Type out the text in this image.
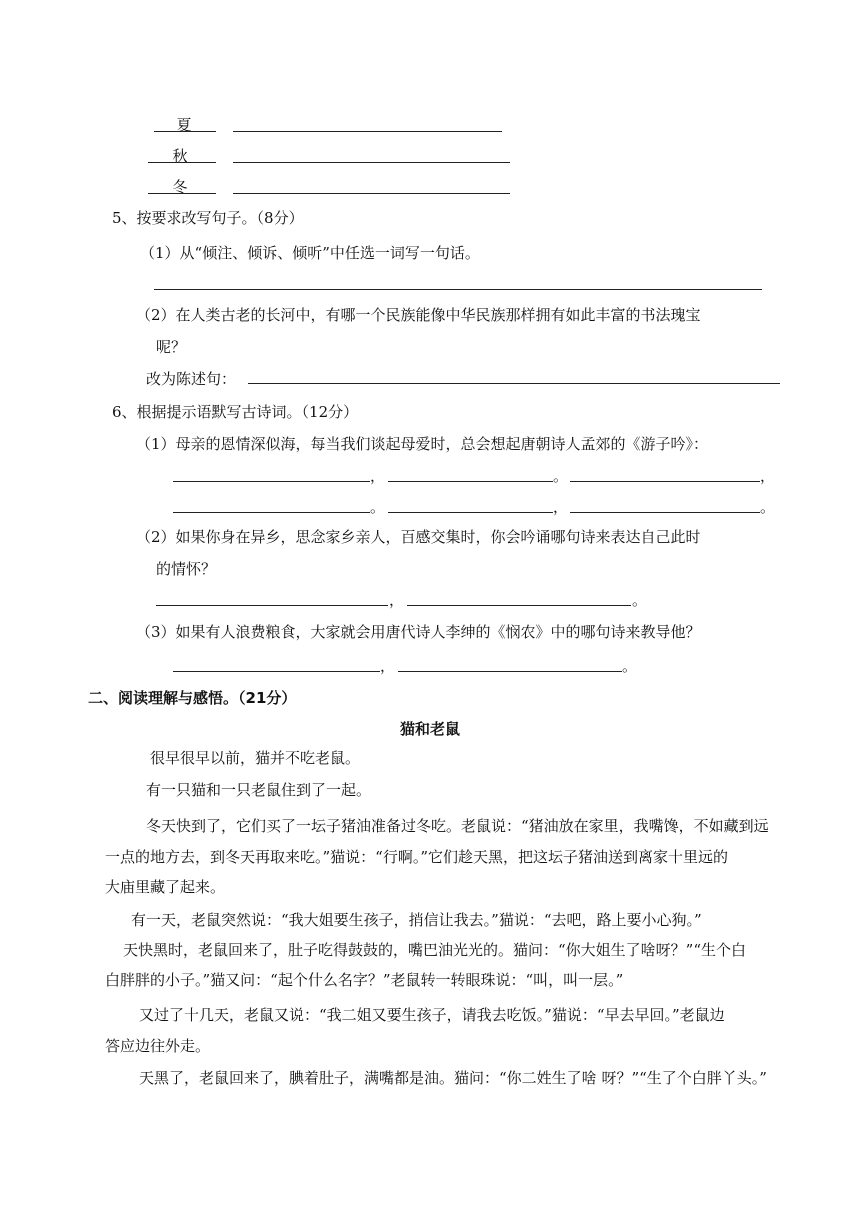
夏
秋
冬
5、按要求改写句子。（8分）
（1）从“倾注、倾诉、倾听”中任选一词写一句话。
（2）在人类古老的长河中，有哪一个民族能像中华民族那样拥有如此丰富的书法瑰宝
呢？
改为陈述句：
6、根据提示语默写古诗词。（12分）
（1）母亲的恩情深似海，每当我们谈起母爱时，总会想起唐朝诗人孟郊的《游子吟》：
，	。	，
。	，	。
（2）如果你身在异乡，思念家乡亲人，百感交集时，你会吟诵哪句诗来表达自己此时
的情怀？
，	。
（3）如果有人浪费粮食，大家就会用唐代诗人李绅的《悯农》中的哪句诗来教导他？
，	。
二、阅读理解与感悟。（21分）
猫和老鼠
很早很早以前，猫并不吃老鼠。
有一只猫和一只老鼠住到了一起。
冬天快到了，它们买了一坛子猪油准备过冬吃。老鼠说：“猪油放在家里，我嘴馋，不如藏到远
一点的地方去，到冬天再取来吃。”猫说：“行啊。”它们趁天黑，把这坛子猪油送到离家十里远的
大庙里藏了起来。
有一天，老鼠突然说：“我大姐要生孩子，捎信让我去。”猫说：“去吧，路上要小心狗。”
天快黑时，老鼠回来了，肚子吃得鼓鼓的，嘴巴油光光的。猫问：“你大姐生了啥呀？”“生个白
白胖胖的小子。”猫又问：“起个什么名字？”老鼠转一转眼珠说：“叫，叫一层。”
又过了十几天，老鼠又说：“我二姐又要生孩子，请我去吃饭。”猫说：“早去早回。”老鼠边
答应边往外走。
天黑了，老鼠回来了，腆着肚子，满嘴都是油。猫问：“你二姓生了啥 呀？”“生了个白胖丫头。”
